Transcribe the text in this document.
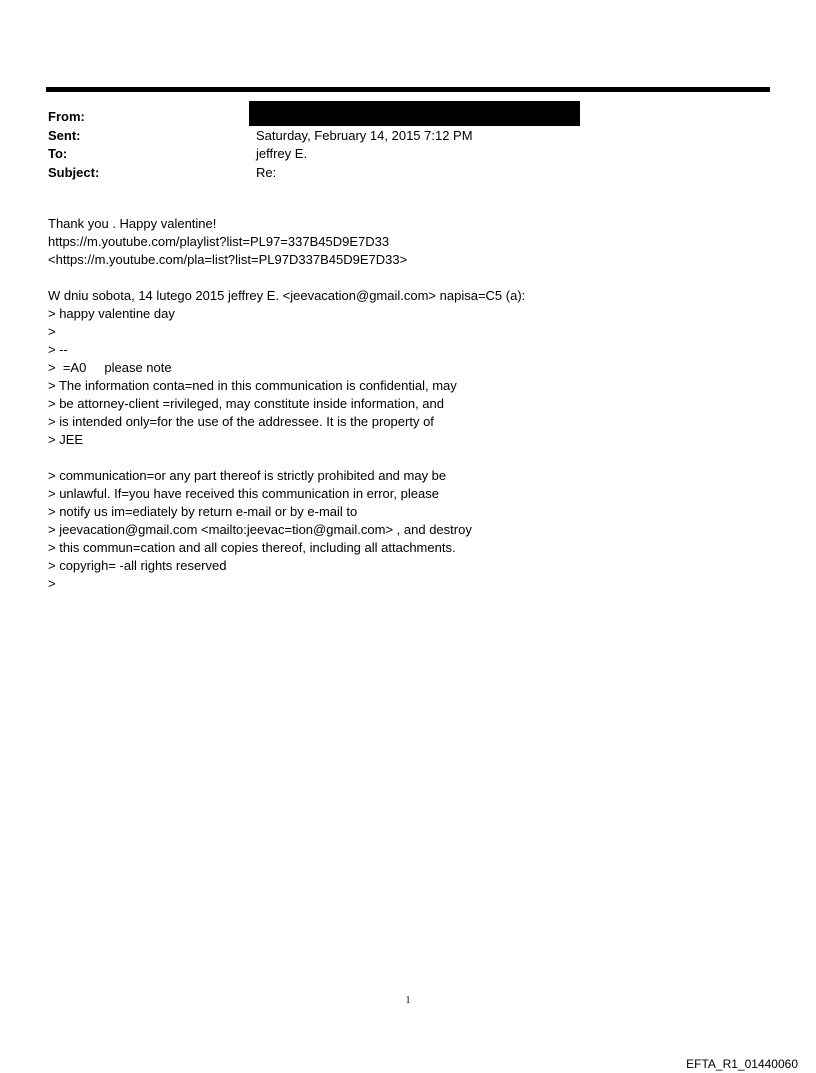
From:
Sent:	Saturday, February 14, 2015 7:12 PM
To:	jeffrey E.
Subject:	Re:
Thank you . Happy valentine!
https://m.youtube.com/playlist?list=PL97=337B45D9E7D33
<https://m.youtube.com/pla=list?list=PL97D337B45D9E7D33>
W dniu sobota, 14 lutego 2015 jeffrey E. <jeevacation@gmail.com> napisa=C5 (a):
> happy valentine day
>
> --
>  =A0     please note
> The information conta=ned in this communication is confidential, may
> be attorney-client =rivileged, may constitute inside information, and
> is intended only=for the use of the addressee. It is the property of
> JEE
> communication=or any part thereof is strictly prohibited and may be
> unlawful. If=you have received this communication in error, please
> notify us im=ediately by return e-mail or by e-mail to
> jeevacation@gmail.com <mailto:jeevac=tion@gmail.com> , and destroy
> this commun=cation and all copies thereof, including all attachments.
> copyrigh= -all rights reserved
>
1
EFTA_R1_01440060
